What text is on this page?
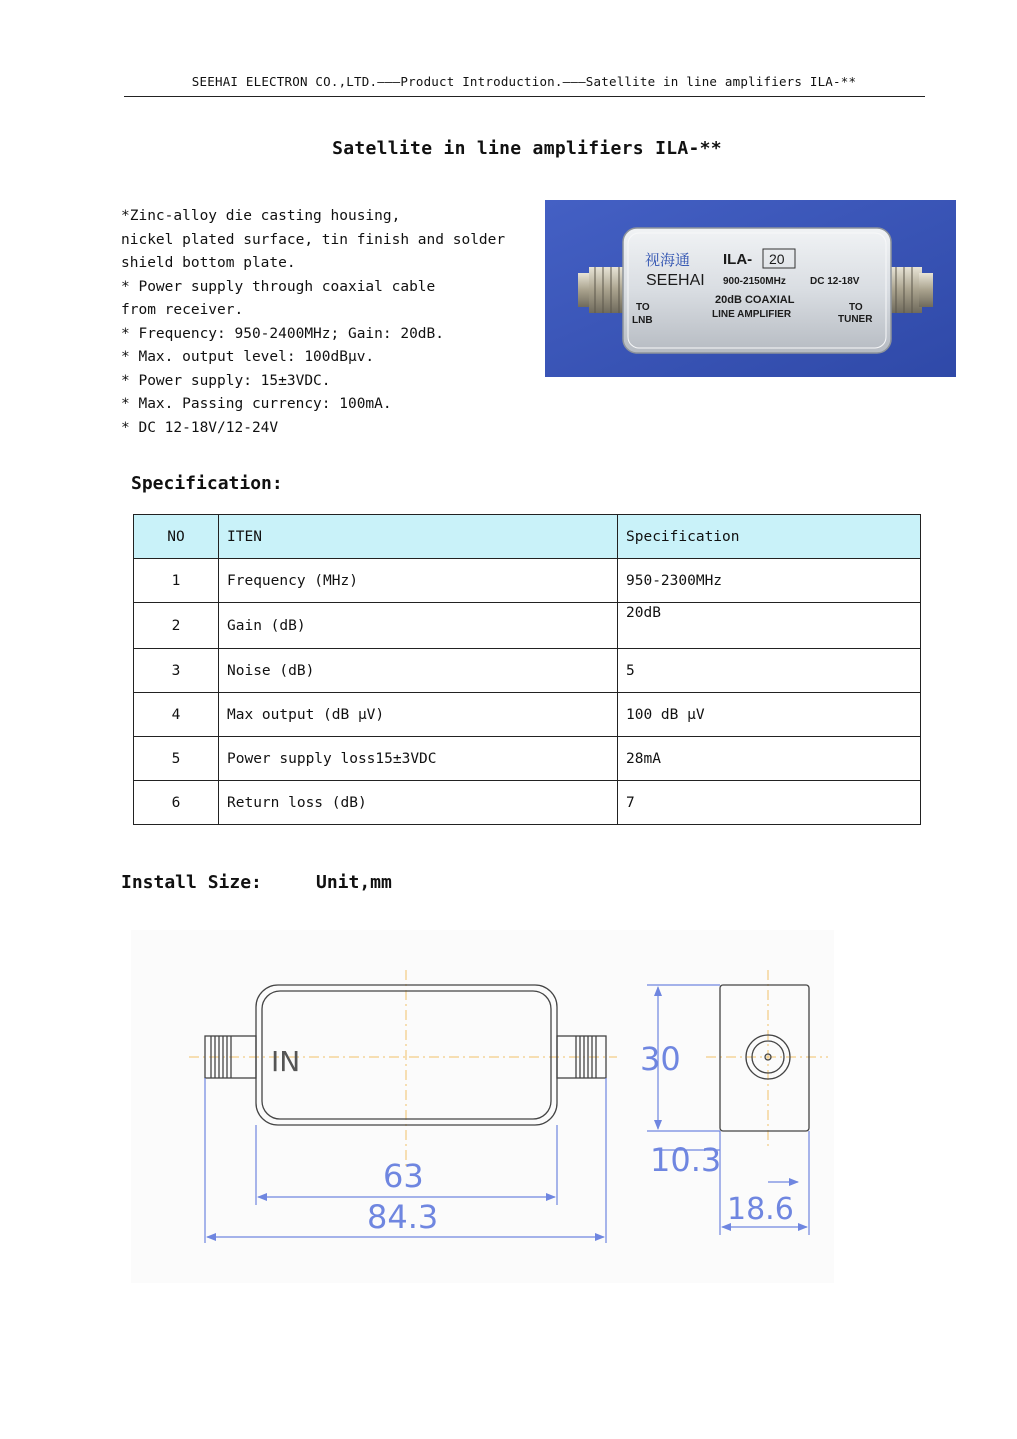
SEEHAI ELECTRON CO.,LTD.———Product Introduction.———Satellite in line amplifiers ILA-**
Satellite in line amplifiers ILA-**
*Zinc-alloy die casting housing,
nickel plated surface, tin finish and solder
shield bottom plate.
* Power supply through coaxial cable
from receiver.
* Frequency: 950-2400MHz; Gain: 20dB.
* Max. output level: 100dBμv.
* Power supply: 15±3VDC.
* Max. Passing currency: 100mA.
* DC 12-18V/12-24V
视海通
SEEHAI
ILA- 20
900-2150MHz DC 12-18V
20dB COAXIAL
LINE AMPLIFIER
TO
LNB
TO
TUNER
Specification:
NO	ITEN	Specification
1	Frequency (MHz)	950-2300MHz
2	Gain (dB)	20dB
3	Noise (dB)	5
4	Max output (dB μV)	100 dB μV
5	Power supply loss15±3VDC	28mA
6	Return loss (dB)	7
Install Size:	Unit,mm
IN	30
63
84.3
10.3
18.6
